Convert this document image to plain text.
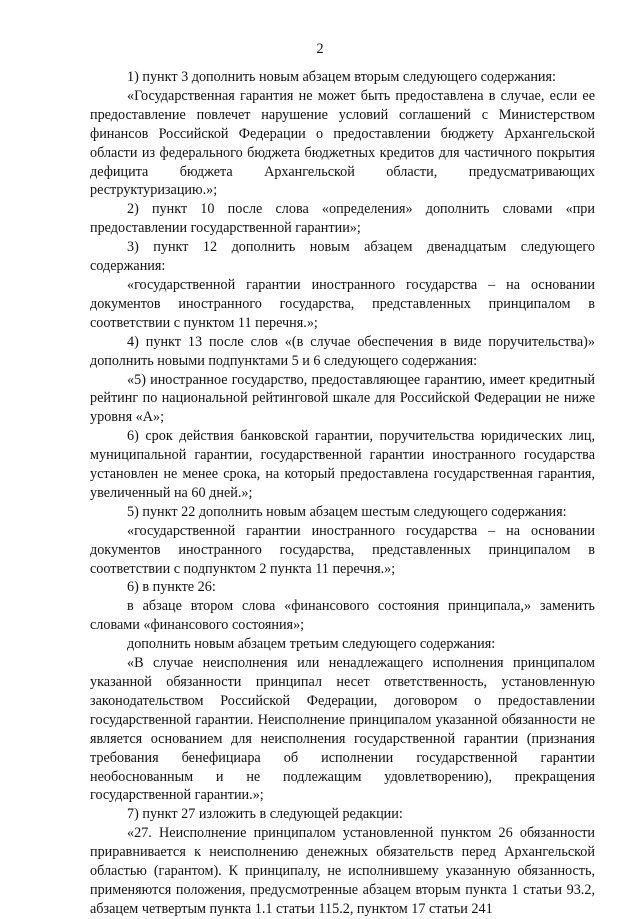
2

1) пункт 3 дополнить новым абзацем вторым следующего содержания:

«Государственная гарантия не может быть предоставлена в случае, если ее предоставление повлечет нарушение условий соглашений с Министерством финансов Российской Федерации о предоставлении бюджету Архангельской области из федерального бюджета бюджетных кредитов для частичного покрытия дефицита бюджета Архангельской области, предусматривающих реструктуризацию.»;

2) пункт 10 после слова «определения» дополнить словами «при предоставлении государственной гарантии»;

3) пункт 12 дополнить новым абзацем двенадцатым следующего содержания:

«государственной гарантии иностранного государства – на основании документов иностранного государства, представленных принципалом в соответствии с пунктом 11 перечня.»;

4) пункт 13 после слов «(в случае обеспечения в виде поручительства)» дополнить новыми подпунктами 5 и 6 следующего содержания:

«5) иностранное государство, предоставляющее гарантию, имеет кредитный рейтинг по национальной рейтинговой шкале для Российской Федерации не ниже уровня «А»;

6) срок действия банковской гарантии, поручительства юридических лиц, муниципальной гарантии, государственной гарантии иностранного государства установлен не менее срока, на который предоставлена государственная гарантия, увеличенный на 60 дней.»;

5) пункт 22 дополнить новым абзацем шестым следующего содержания:

«государственной гарантии иностранного государства – на основании документов иностранного государства, представленных принципалом в соответствии с подпунктом 2 пункта 11 перечня.»;

6) в пункте 26:

в абзаце втором слова «финансового состояния принципала,» заменить словами «финансового состояния»;

дополнить новым абзацем третьим следующего содержания:

«В случае неисполнения или ненадлежащего исполнения принципалом указанной обязанности принципал несет ответственность, установленную законодательством Российской Федерации, договором о предоставлении государственной гарантии. Неисполнение принципалом указанной обязанности не является основанием для неисполнения государственной гарантии (признания требования бенефициара об исполнении государственной гарантии необоснованным и не подлежащим удовлетворению), прекращения государственной гарантии.»;

7) пункт 27 изложить в следующей редакции:

«27. Неисполнение принципалом установленной пунктом 26 обязанности приравнивается к неисполнению денежных обязательств перед Архангельской областью (гарантом). К принципалу, не исполнившему указанную обязанность, применяются положения, предусмотренные абзацем вторым пункта 1 статьи 93.2, абзацем четвертым пункта 1.1 статьи 115.2, пунктом 17 статьи 241
